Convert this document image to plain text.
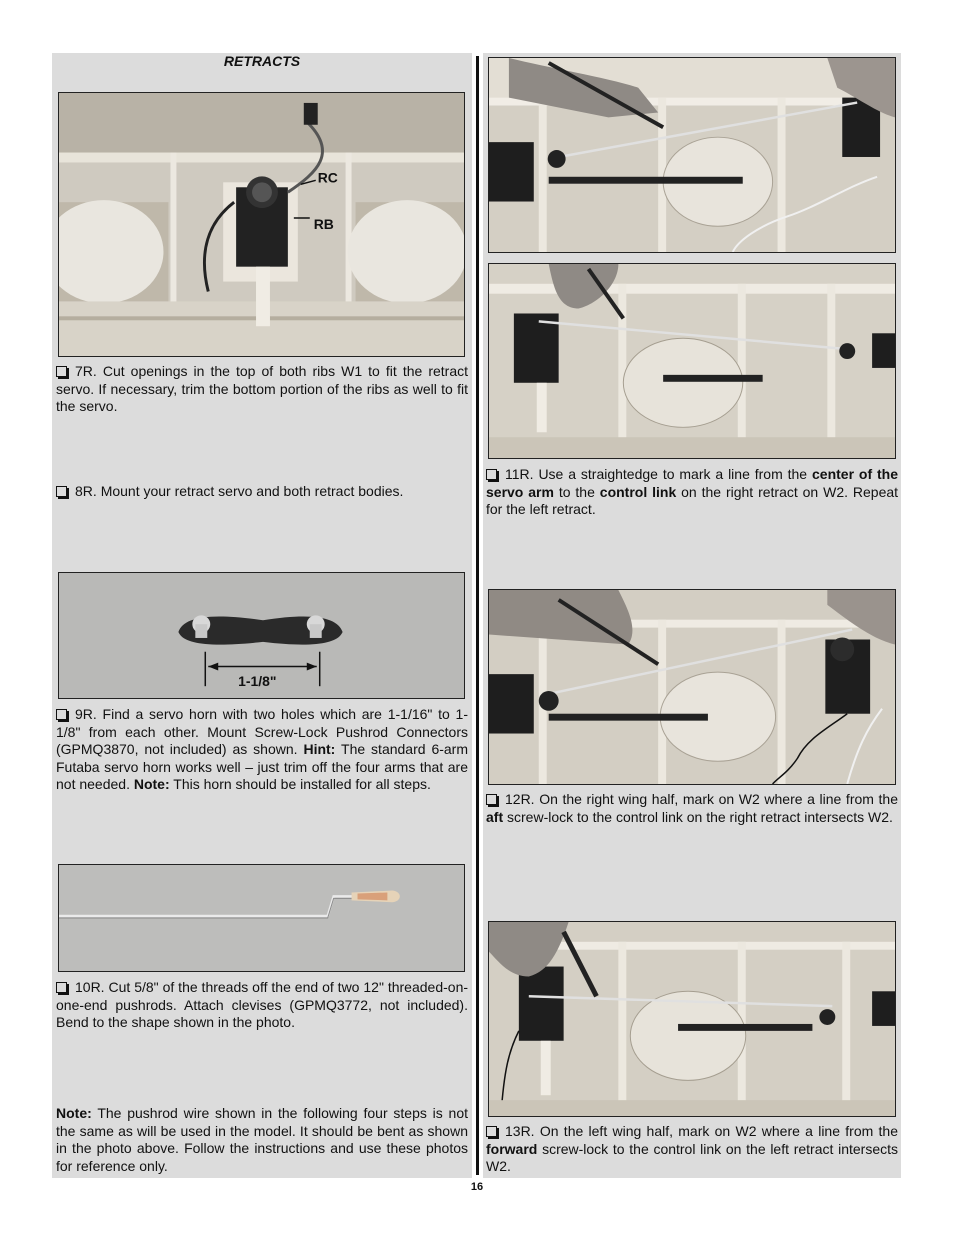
RETRACTS
RC
RB
7R. Cut openings in the top of both ribs W1 to fit the retract servo. If necessary, trim the bottom portion of the ribs as well to fit the servo.
8R. Mount your retract servo and both retract bodies.
1-1/8"
9R. Find a servo horn with two holes which are 1-1/16" to 1-1/8" from each other. Mount Screw-Lock Pushrod Connectors (GPMQ3870, not included) as shown. Hint: The standard 6-arm Futaba servo horn works well – just trim off the four arms that are not needed. Note: This horn should be installed for all steps.
10R. Cut 5/8" of the threads off the end of two 12" threaded-on-one-end pushrods. Attach clevises (GPMQ3772, not included). Bend to the shape shown in the photo.
Note: The pushrod wire shown in the following four steps is not the same as will be used in the model. It should be bent as shown in the photo above. Follow the instructions and use these photos for reference only.
11R. Use a straightedge to mark a line from the center of the servo arm to the control link on the right retract on W2. Repeat for the left retract.
12R. On the right wing half, mark on W2 where a line from the aft screw-lock to the control link on the right retract intersects W2.
13R. On the left wing half, mark on W2 where a line from the forward screw-lock to the control link on the left retract intersects W2.
16
